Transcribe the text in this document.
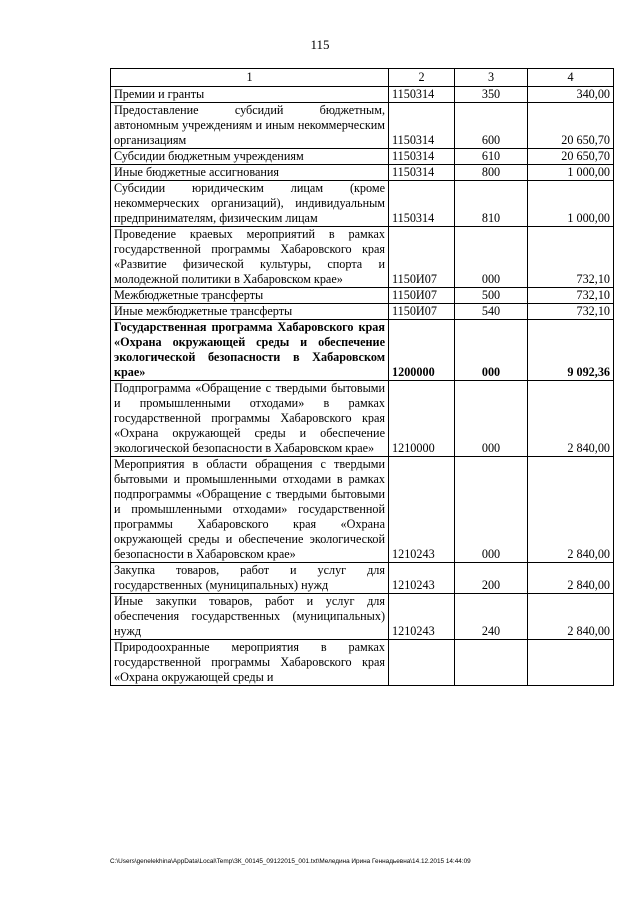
115
1	2	3	4
Премии и гранты	1150314	350	340,00
Предоставление субсидий бюджетным, автономным учреждениям и иным некоммерческим организациям	1150314	600	20 650,70
Субсидии бюджетным учреждениям	1150314	610	20 650,70
Иные бюджетные ассигнования	1150314	800	1 000,00
Субсидии юридическим лицам (кроме некоммерческих организаций), индивидуальным предпринимателям, физическим лицам	1150314	810	1 000,00
Проведение краевых мероприятий в рамках государственной программы Хабаровского края «Развитие физической культуры, спорта и молодежной политики в Хабаровском крае»	1150И07	000	732,10
Межбюджетные трансферты	1150И07	500	732,10
Иные межбюджетные трансферты	1150И07	540	732,10
Государственная программа Хабаровского края «Охрана окружающей среды и обеспечение экологической безопасности в Хабаровском крае»	1200000	000	9 092,36
Подпрограмма «Обращение с твердыми бытовыми и промышленными отходами» в рамках государственной программы Хабаровского края «Охрана окружающей среды и обеспечение экологической безопасности в Хабаровском крае»	1210000	000	2 840,00
Мероприятия в области обращения с твердыми бытовыми и промышленными отходами в рамках подпрограммы «Обращение с твердыми бытовыми и промышленными отходами» государственной программы Хабаровского края «Охрана окружающей среды и обеспечение экологической безопасности в Хабаровском крае»	1210243	000	2 840,00
Закупка товаров, работ и услуг для государственных (муниципальных) нужд	1210243	200	2 840,00
Иные закупки товаров, работ и услуг для обеспечения государственных (муниципальных) нужд	1210243	240	2 840,00
Природоохранные мероприятия в рамках государственной программы Хабаровского края «Охрана окружающей среды и			
C:\Users\genelekhina\AppData\Local\Temp\ЗК_00145_09122015_001.txt\Меледина Ирина Геннадьевна\14.12.2015 14:44:09
